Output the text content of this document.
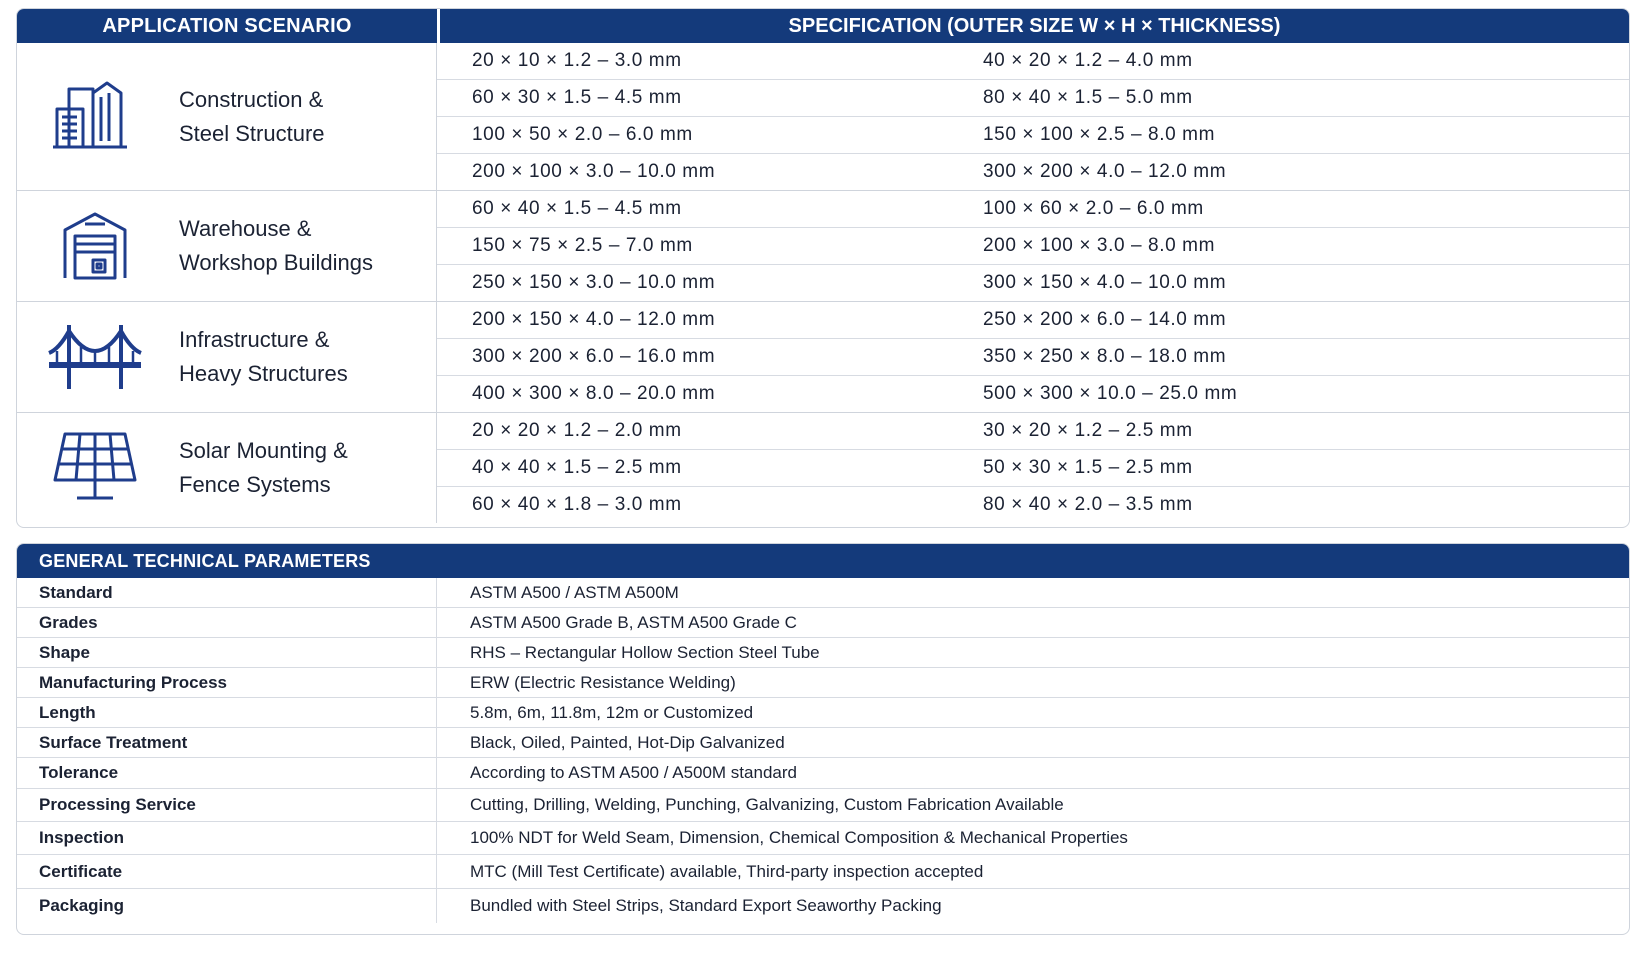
APPLICATION SCENARIO	SPECIFICATION (OUTER SIZE W × H × THICKNESS)
Construction &
Steel Structure
20 × 10 × 1.2 – 3.0 mm	40 × 20 × 1.2 – 4.0 mm
60 × 30 × 1.5 – 4.5 mm	80 × 40 × 1.5 – 5.0 mm
100 × 50 × 2.0 – 6.0 mm	150 × 100 × 2.5 – 8.0 mm
200 × 100 × 3.0 – 10.0 mm	300 × 200 × 4.0 – 12.0 mm
Warehouse &
Workshop Buildings
60 × 40 × 1.5 – 4.5 mm	100 × 60 × 2.0 – 6.0 mm
150 × 75 × 2.5 – 7.0 mm	200 × 100 × 3.0 – 8.0 mm
250 × 150 × 3.0 – 10.0 mm	300 × 150 × 4.0 – 10.0 mm
Infrastructure &
Heavy Structures
200 × 150 × 4.0 – 12.0 mm	250 × 200 × 6.0 – 14.0 mm
300 × 200 × 6.0 – 16.0 mm	350 × 250 × 8.0 – 18.0 mm
400 × 300 × 8.0 – 20.0 mm	500 × 300 × 10.0 – 25.0 mm
Solar Mounting &
Fence Systems
20 × 20 × 1.2 – 2.0 mm	30 × 20 × 1.2 – 2.5 mm
40 × 40 × 1.5 – 2.5 mm	50 × 30 × 1.5 – 2.5 mm
60 × 40 × 1.8 – 3.0 mm	80 × 40 × 2.0 – 3.5 mm
GENERAL TECHNICAL PARAMETERS
Standard	ASTM A500 / ASTM A500M
Grades	ASTM A500 Grade B, ASTM A500 Grade C
Shape	RHS – Rectangular Hollow Section Steel Tube
Manufacturing Process	ERW (Electric Resistance Welding)
Length	5.8m, 6m, 11.8m, 12m or Customized
Surface Treatment	Black, Oiled, Painted, Hot-Dip Galvanized
Tolerance	According to ASTM A500 / A500M standard
Processing Service	Cutting, Drilling, Welding, Punching, Galvanizing, Custom Fabrication Available
Inspection	100% NDT for Weld Seam, Dimension, Chemical Composition & Mechanical Properties
Certificate	MTC (Mill Test Certificate) available, Third-party inspection accepted
Packaging	Bundled with Steel Strips, Standard Export Seaworthy Packing
